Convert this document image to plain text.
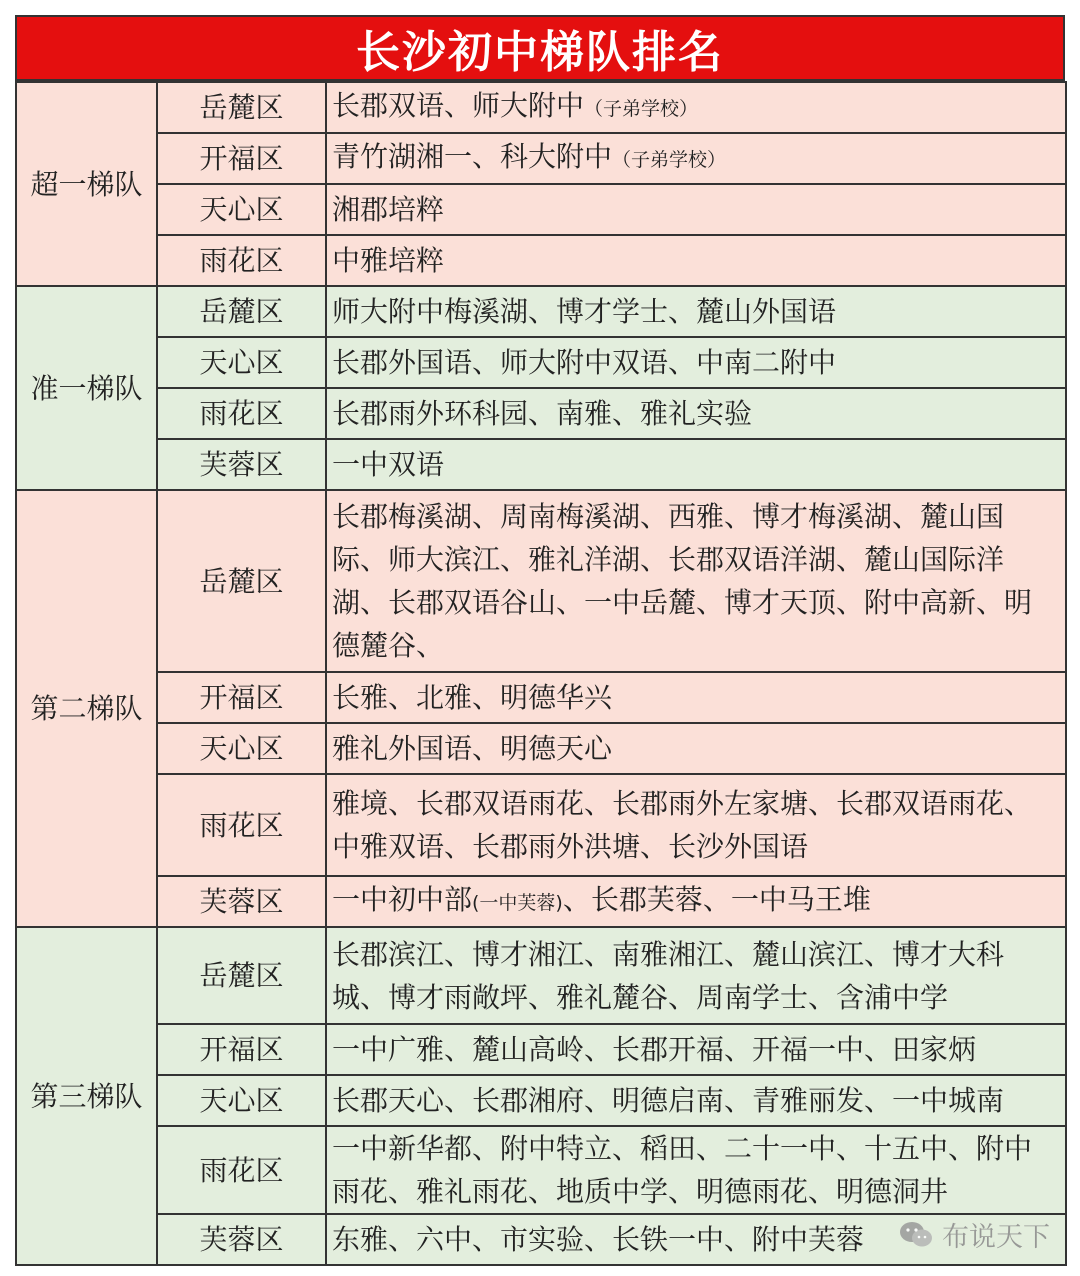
长沙初中梯队排名
超一梯队	岳麓区	长郡双语、师大附中（子弟学校）
	开福区	青竹湖湘一、科大附中（子弟学校）
	天心区	湘郡培粹
	雨花区	中雅培粹
准一梯队	岳麓区	师大附中梅溪湖、博才学士、麓山外国语
	天心区	长郡外国语、师大附中双语、中南二附中
	雨花区	长郡雨外环科园、南雅、雅礼实验
	芙蓉区	一中双语
第二梯队	岳麓区	长郡梅溪湖、周南梅溪湖、西雅、博才梅溪湖、麓山国际、师大滨江、雅礼洋湖、长郡双语洋湖、麓山国际洋湖、长郡双语谷山、一中岳麓、博才天顶、附中高新、明德麓谷、
	开福区	长雅、北雅、明德华兴
	天心区	雅礼外国语、明德天心
	雨花区	雅境、长郡双语雨花、长郡雨外左家塘、长郡双语雨花、中雅双语、长郡雨外洪塘、长沙外国语
	芙蓉区	一中初中部(一中芙蓉)、长郡芙蓉、一中马王堆
第三梯队	岳麓区	长郡滨江、博才湘江、南雅湘江、麓山滨江、博才大科城、博才雨敞坪、雅礼麓谷、周南学士、含浦中学
	开福区	一中广雅、麓山高岭、长郡开福、开福一中、田家炳
	天心区	长郡天心、长郡湘府、明德启南、青雅丽发、一中城南
	雨花区	一中新华都、附中特立、稻田、二十一中、十五中、附中雨花、雅礼雨花、地质中学、明德雨花、明德洞井
	芙蓉区	东雅、六中、市实验、长铁一中、附中芙蓉	布说天下
